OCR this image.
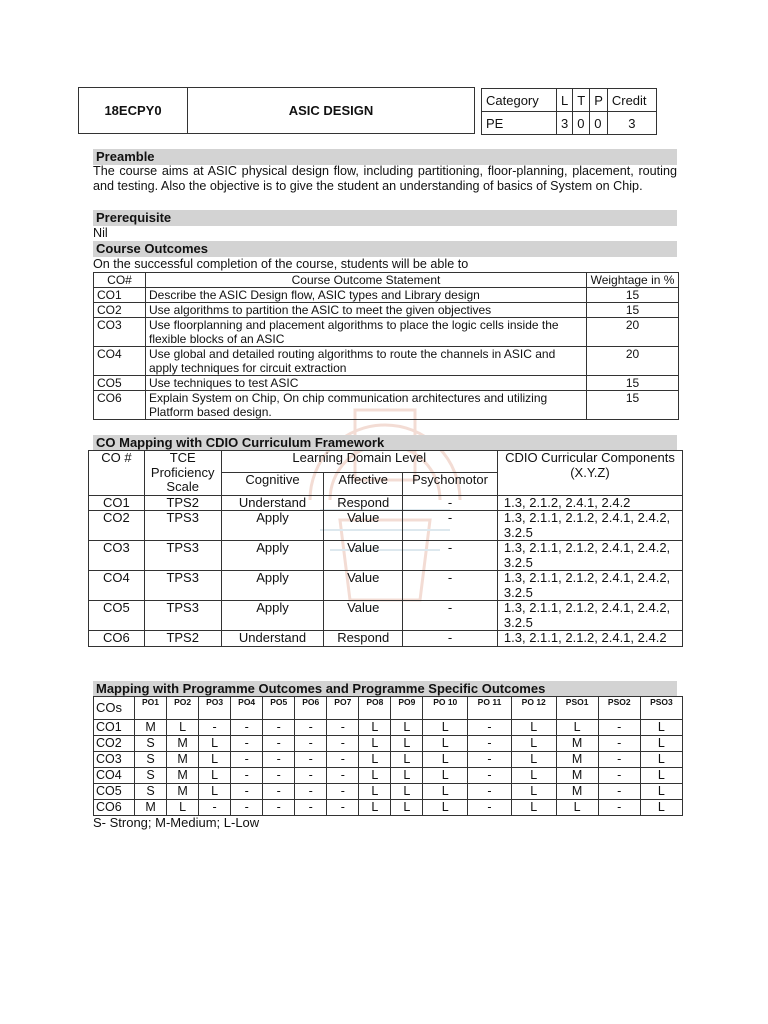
18ECPY0	ASIC DESIGN
Category	L	T	P	Credit
PE	3	0	0	3
Preamble
The course aims at ASIC physical design flow, including partitioning, floor-planning, placement, routing and testing. Also the objective is to give the student an understanding of basics of System on Chip.
Prerequisite
Nil
Course Outcomes
On the successful completion of the course, students will be able to
CO#	Course Outcome Statement	Weightage in %
CO1	Describe the ASIC Design flow, ASIC types and Library design	15
CO2	Use algorithms to partition the ASIC to meet the given objectives	15
CO3	Use floorplanning and placement algorithms to place the logic cells inside the flexible blocks of an ASIC	20
CO4	Use global and detailed routing algorithms to route the channels in ASIC and apply techniques for circuit extraction	20
CO5	Use techniques to test ASIC	15
CO6	Explain System on Chip, On chip communication architectures and utilizing Platform based design.	15
CO Mapping with CDIO Curriculum Framework
CO #	TCE Proficiency Scale	Learning Domain Level			CDIO Curricular Components (X.Y.Z)
		Cognitive	Affective	Psychomotor	
CO1	TPS2	Understand	Respond	-	1.3, 2.1.2, 2.4.1, 2.4.2
CO2	TPS3	Apply	Value	-	1.3, 2.1.1, 2.1.2, 2.4.1, 2.4.2, 3.2.5
CO3	TPS3	Apply	Value	-	1.3, 2.1.1, 2.1.2, 2.4.1, 2.4.2, 3.2.5
CO4	TPS3	Apply	Value	-	1.3, 2.1.1, 2.1.2, 2.4.1, 2.4.2, 3.2.5
CO5	TPS3	Apply	Value	-	1.3, 2.1.1, 2.1.2, 2.4.1, 2.4.2, 3.2.5
CO6	TPS2	Understand	Respond	-	1.3, 2.1.1, 2.1.2, 2.4.1, 2.4.2
Mapping with Programme Outcomes and Programme Specific Outcomes
COs	PO1	PO2	PO3	PO4	PO5	PO6	PO7	PO8	PO9	PO 10	PO 11	PO 12	PSO1	PSO2	PSO3
CO1	M	L	-	-	-	-	-	L	L	L	-	L	L	-	L
CO2	S	M	L	-	-	-	-	L	L	L	-	L	M	-	L
CO3	S	M	L	-	-	-	-	L	L	L	-	L	M	-	L
CO4	S	M	L	-	-	-	-	L	L	L	-	L	M	-	L
CO5	S	M	L	-	-	-	-	L	L	L	-	L	M	-	L
CO6	M	L	-	-	-	-	-	L	L	L	-	L	L	-	L
S- Strong; M-Medium; L-Low
